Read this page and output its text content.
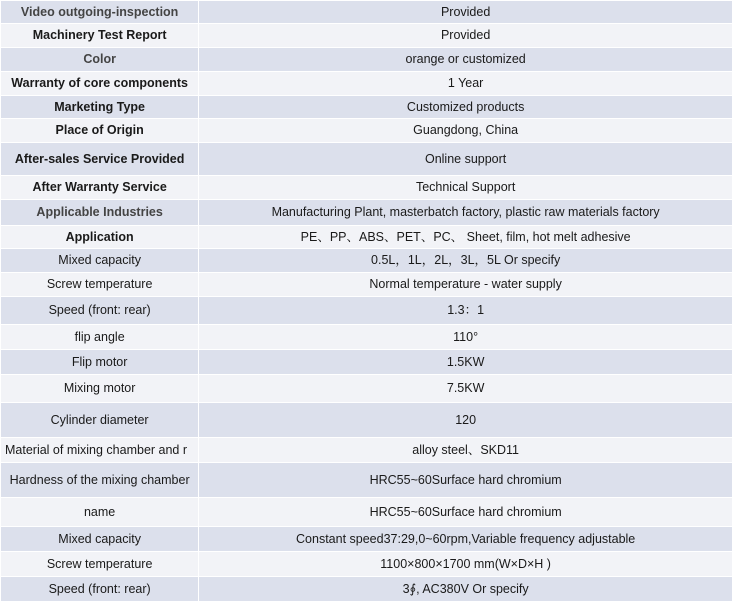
Video outgoing-inspection	Provided
Machinery Test Report	Provided
Color	orange or customized
Warranty of core components	1 Year
Marketing Type	Customized products
Place of Origin	Guangdong, China
After-sales Service Provided	Online support
After Warranty Service	Technical Support
Applicable Industries	Manufacturing Plant, masterbatch factory, plastic raw materials factory
Application	PE、PP、ABS、PET、PC、 Sheet, film, hot melt adhesive
Mixed capacity	0.5L，1L，2L，3L，5L Or specify
Screw temperature	Normal temperature - water supply
Speed (front: rear)	1.3：1
flip angle	110°
Flip motor	1.5KW
Mixing motor	7.5KW
Cylinder diameter	120

Material of mixing chamber and r	alloy steel、SKD11
Hardness of the mixing chamber	HRC55~60Surface hard chromium
name	HRC55~60Surface hard chromium
Mixed capacity	Constant speed37:29,0~60rpm,Variable frequency adjustable
Screw temperature	1100×800×1700 mm(W×D×H )
Speed (front: rear)	3∮, AC380V Or specify
